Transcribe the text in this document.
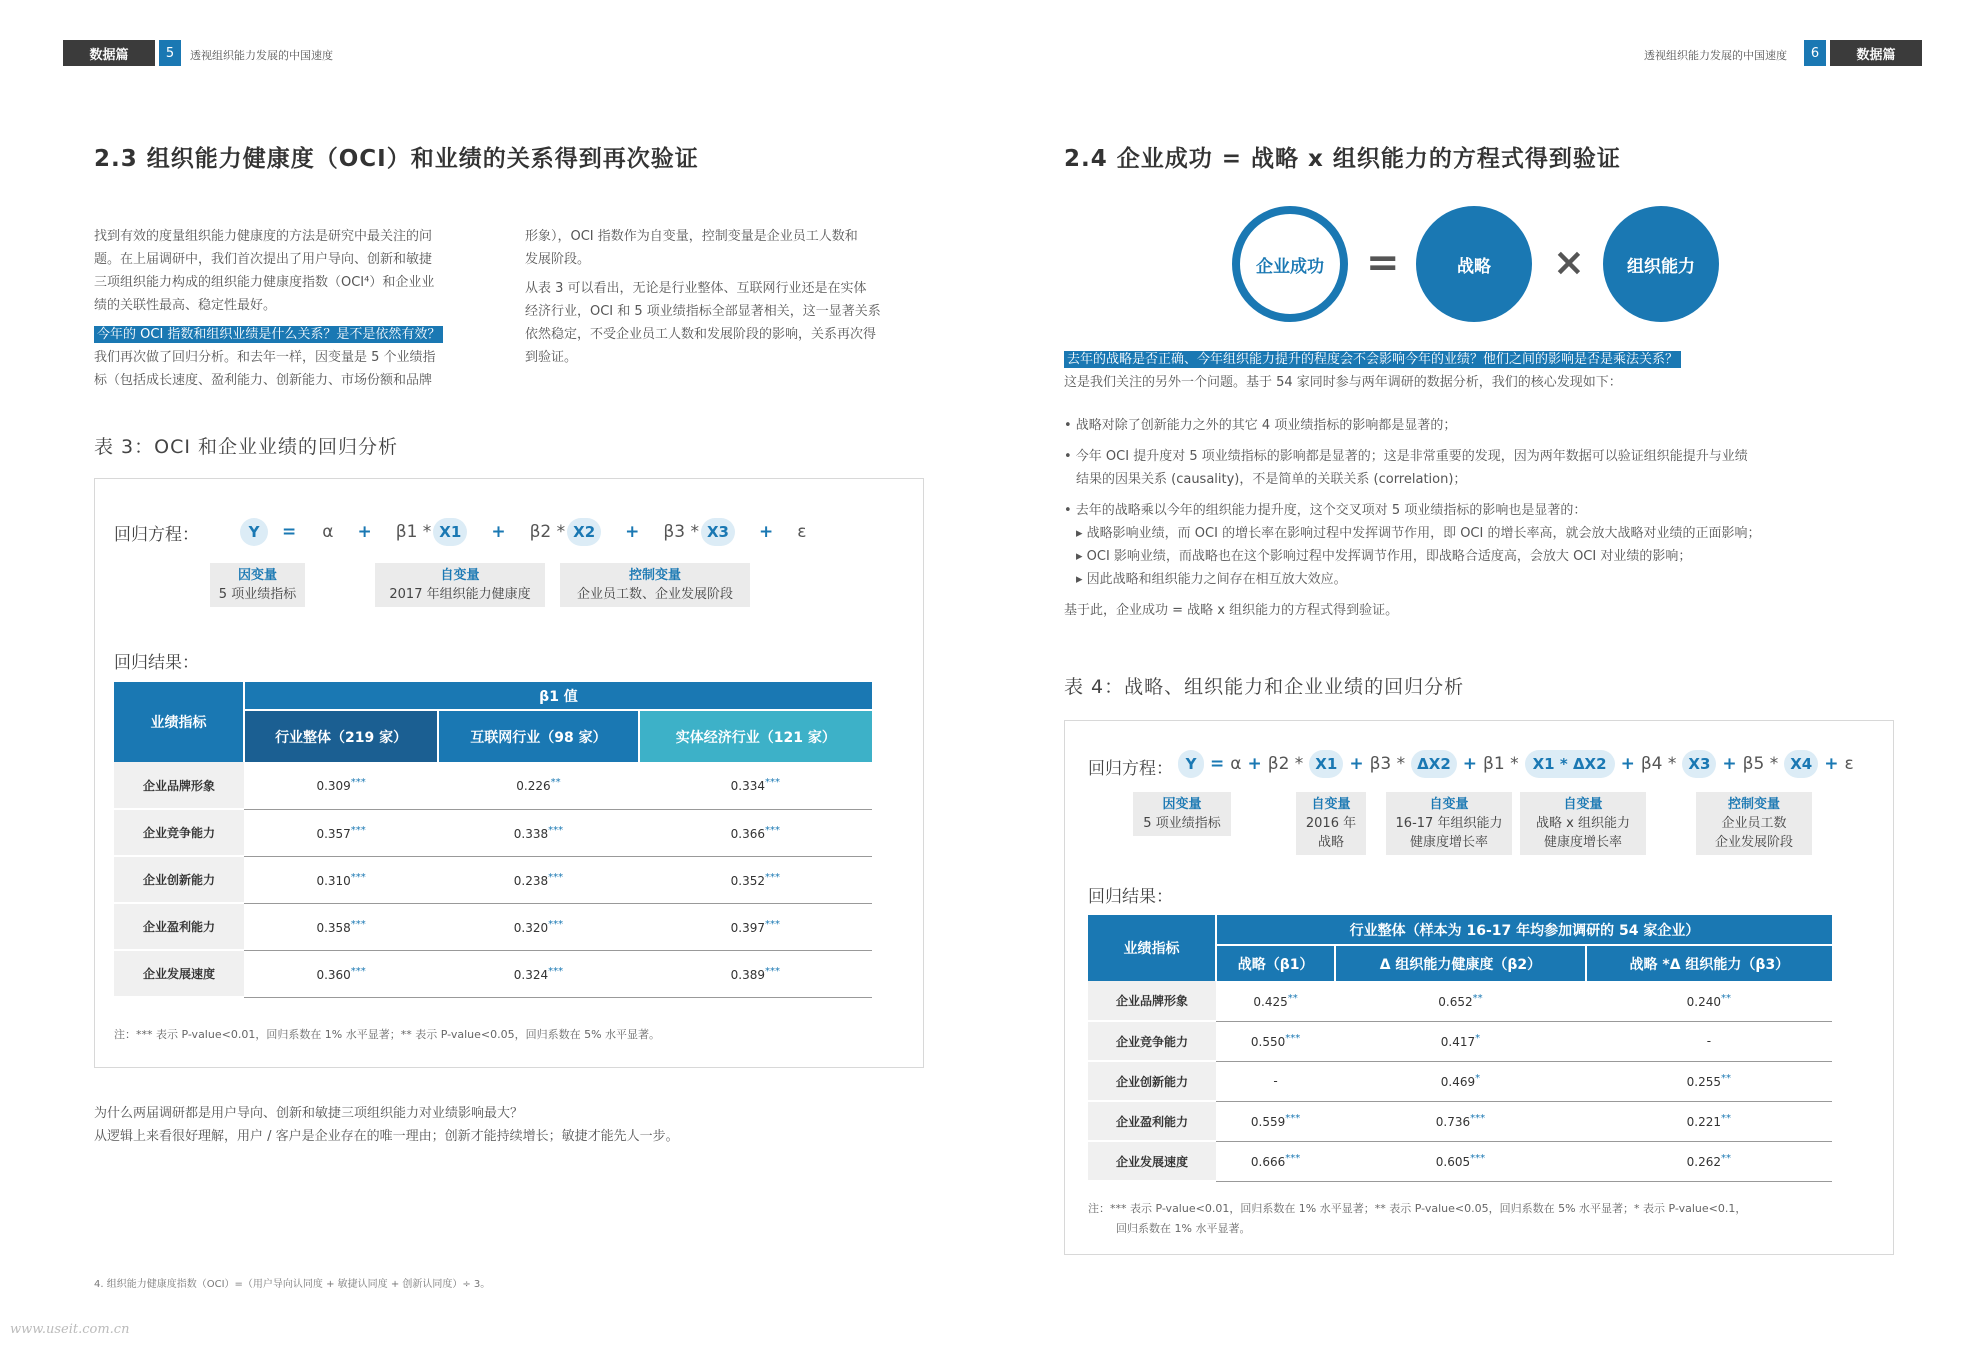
数据篇	5	透视组织能力发展的中国速度	透视组织能力发展的中国速度	6	数据篇
2.3 组织能力健康度（OCI）和业绩的关系得到再次验证
找到有效的度量组织能力健康度的方法是研究中最关注的问
题。在上届调研中，我们首次提出了用户导向、创新和敏捷
三项组织能力构成的组织能力健康度指数（OCI⁴）和企业业
绩的关联性最高、稳定性最好。
今年的 OCI 指数和组织业绩是什么关系？是不是依然有效？
我们再次做了回归分析。和去年一样，因变量是 5 个业绩指
标（包括成长速度、盈利能力、创新能力、市场份额和品牌
形象），OCI 指数作为自变量，控制变量是企业员工人数和
发展阶段。
从表 3 可以看出，无论是行业整体、互联网行业还是在实体
经济行业，OCI 和 5 项业绩指标全部显著相关，这一显著关系
依然稳定，不受企业员工人数和发展阶段的影响，关系再次得
到验证。
表 3：OCI 和企业业绩的回归分析
回归方程：	Y	= α + β1 * X1	+ β2 * X2	+ β3 * X3	+ ε
因变量
5 项业绩指标
自变量
2017 年组织能力健康度
控制变量
企业员工数、企业发展阶段
回归结果：
业绩指标	β1 值		
	行业整体（219 家）	互联网行业（98 家）	实体经济行业（121 家）
企业品牌形象	0.309***	0.226**	0.334***
企业竞争能力	0.357***	0.338***	0.366***
企业创新能力	0.310***	0.238***	0.352***
企业盈利能力	0.358***	0.320***	0.397***
企业发展速度	0.360***	0.324***	0.389***
注：*** 表示 P-value<0.01，回归系数在 1% 水平显著；** 表示 P-value<0.05，回归系数在 5% 水平显著。
为什么两届调研都是用户导向、创新和敏捷三项组织能力对业绩影响最大？
从逻辑上来看很好理解，用户 / 客户是企业存在的唯一理由；创新才能持续增长；敏捷才能先人一步。
4. 组织能力健康度指数（OCI）=（用户导向认同度 + 敏捷认同度 + 创新认同度）÷ 3。
www.useit.com.cn
2.4 企业成功 = 战略 x 组织能力的方程式得到验证
企业成功	=	战略	×	组织能力
去年的战略是否正确、今年组织能力提升的程度会不会影响今年的业绩？他们之间的影响是否是乘法关系？
这是我们关注的另外一个问题。基于 54 家同时参与两年调研的数据分析，我们的核心发现如下：
• 战略对除了创新能力之外的其它 4 项业绩指标的影响都是显著的；
• 今年 OCI 提升度对 5 项业绩指标的影响都是显著的；这是非常重要的发现，因为两年数据可以验证组织能提升与业绩
结果的因果关系 (causality)，不是简单的关联关系 (correlation)；
• 去年的战略乘以今年的组织能力提升度，这个交叉项对 5 项业绩指标的影响也是显著的：
▸ 战略影响业绩，而 OCI 的增长率在影响过程中发挥调节作用，即 OCI 的增长率高，就会放大战略对业绩的正面影响；
▸ OCI 影响业绩，而战略也在这个影响过程中发挥调节作用，即战略合适度高，会放大 OCI 对业绩的影响；
▸ 因此战略和组织能力之间存在相互放大效应。
基于此，企业成功 = 战略 x 组织能力的方程式得到验证。
表 4：战略、组织能力和企业业绩的回归分析
回归方程： Y = α + β2 * X1 + β3 * ΔX2 + β1 * X1
*
ΔX2 + β4 * X3 + β5 * X4 + ε
因变量
5 项业绩指标
自变量
2016 年
战略
自变量
16-17 年组织能力
健康度增长率
自变量
战略 x 组织能力
健康度增长率
控制变量
企业员工数
企业发展阶段
回归结果：
业绩指标	行业整体（样本为 16-17 年均参加调研的 54 家企业）		
	战略（β1）	Δ 组织能力健康度（β2）	战略 *Δ 组织能力（β3）
企业品牌形象	0.425**	0.652**	0.240**
企业竞争能力	0.550***	0.417*	-
企业创新能力	-	0.469*	0.255**
企业盈利能力	0.559***	0.736***	0.221**
企业发展速度	0.666***	0.605***	0.262**
注：*** 表示 P-value<0.01，回归系数在 1% 水平显著；** 表示 P-value<0.05，回归系数在 5% 水平显著；* 表示 P-value<0.1，
回归系数在 1% 水平显著。
